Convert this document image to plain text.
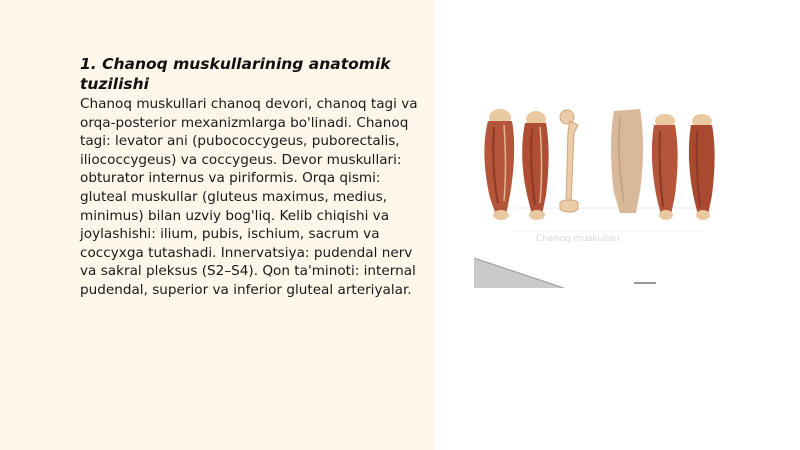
1. Chanoq muskullarining anatomik tuzilishi

Chanoq muskullari chanoq devori, chanoq tagi va orqa-posterior mexanizmlarga bo'linadi. Chanoq tagi: levator ani (pubococcygeus, puborectalis, iliococcygeus) va coccygeus. Devor muskullari: obturator internus va piriformis. Orqa qismi: gluteal muskullar (gluteus maximus, medius, minimus) bilan uzviy bog'liq. Kelib chiqishi va joylashishi: ilium, pubis, ischium, sacrum va coccyxga tutashadi. Innervatsiya: pudendal nerv va sakral pleksus (S2–S4). Qon ta'minoti: internal pudendal, superior va inferior gluteal arteriyalar.

Chanoq muskullari
